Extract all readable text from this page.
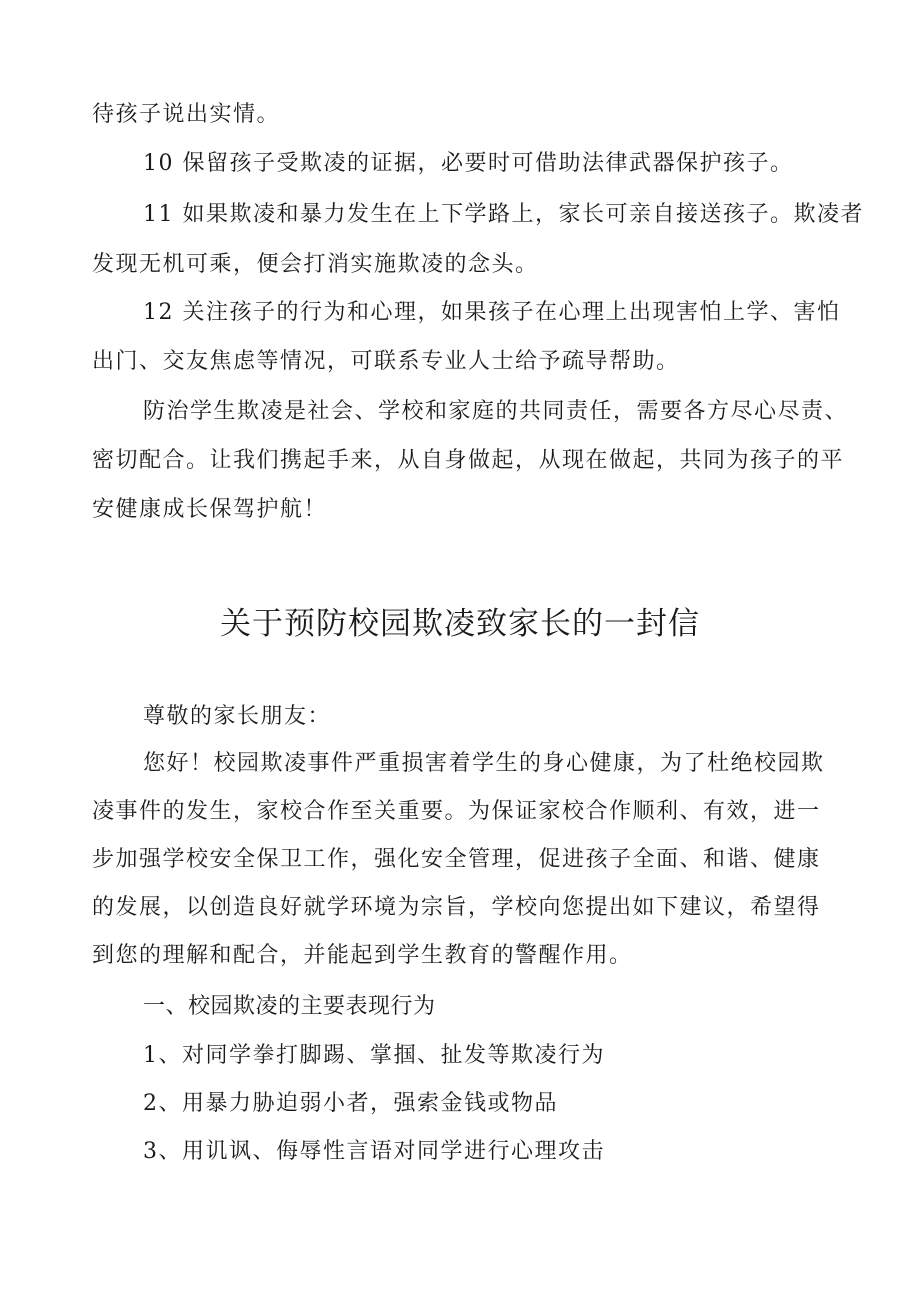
待孩子说出实情。
10 保留孩子受欺凌的证据，必要时可借助法律武器保护孩子。
11 如果欺凌和暴力发生在上下学路上，家长可亲自接送孩子。欺凌者
发现无机可乘，便会打消实施欺凌的念头。
12 关注孩子的行为和心理，如果孩子在心理上出现害怕上学、害怕
出门、交友焦虑等情况，可联系专业人士给予疏导帮助。
防治学生欺凌是社会、学校和家庭的共同责任，需要各方尽心尽责、
密切配合。让我们携起手来，从自身做起，从现在做起，共同为孩子的平
安健康成长保驾护航！
关于预防校园欺凌致家长的一封信
尊敬的家长朋友：
您好！校园欺凌事件严重损害着学生的身心健康，为了杜绝校园欺
凌事件的发生，家校合作至关重要。为保证家校合作顺利、有效，进一
步加强学校安全保卫工作，强化安全管理，促进孩子全面、和谐、健康
的发展，以创造良好就学环境为宗旨，学校向您提出如下建议，希望得
到您的理解和配合，并能起到学生教育的警醒作用。
一、校园欺凌的主要表现行为
1、对同学拳打脚踢、掌掴、扯发等欺凌行为
2、用暴力胁迫弱小者，强索金钱或物品
3、用讥讽、侮辱性言语对同学进行心理攻击
